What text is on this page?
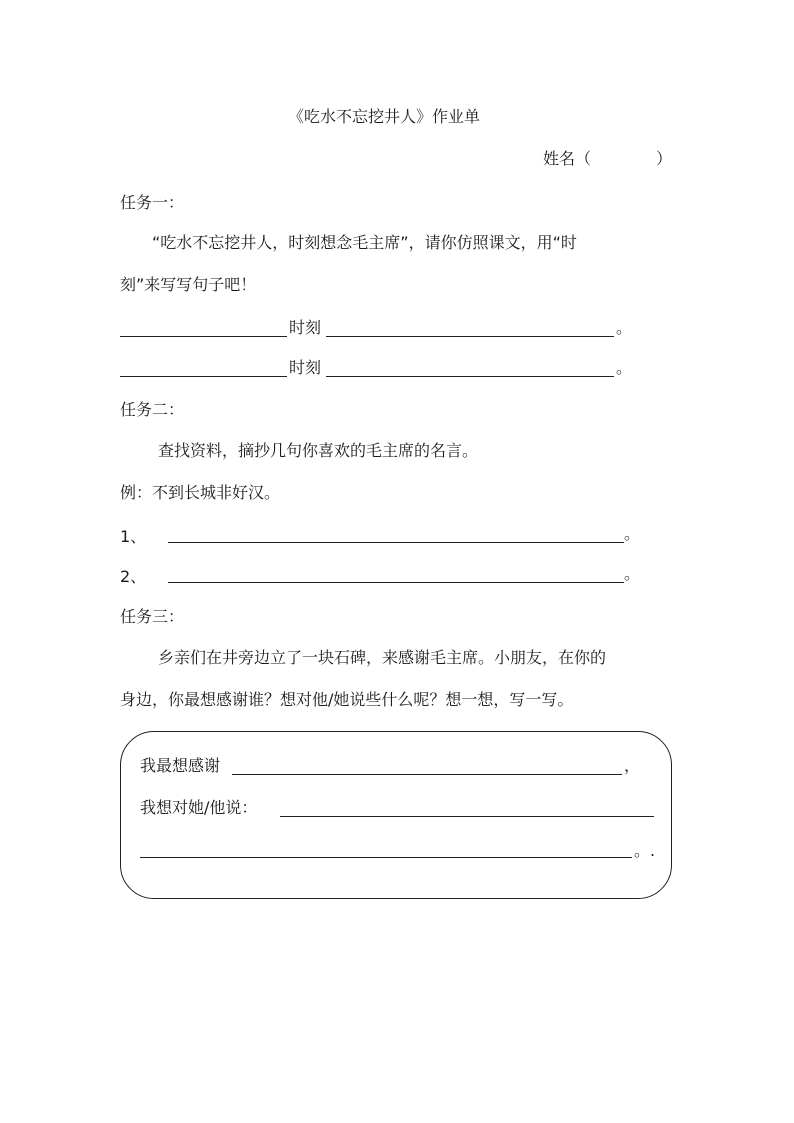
《吃水不忘挖井人》作业单
姓名（	）
任务一：
“吃水不忘挖井人，时刻想念毛主席”，请你仿照课文，用“时
刻”来写写句子吧！
时刻	。
时刻	。
任务二：
查找资料，摘抄几句你喜欢的毛主席的名言。
例：不到长城非好汉。
1、	。
2、	。
任务三：
乡亲们在井旁边立了一块石碑，来感谢毛主席。小朋友，在你的
身边，你最想感谢谁？想对他/她说些什么呢？想一想，写一写。
我最想感谢	，
我想对她/他说：
。.
